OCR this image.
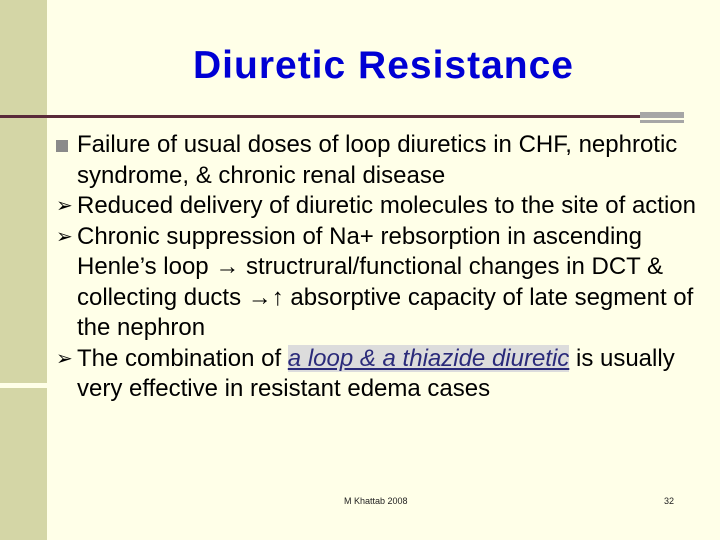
Diuretic Resistance
Failure of usual doses of loop diuretics in CHF, nephrotic syndrome, & chronic renal disease
➢ Reduced delivery of diuretic molecules to the site of action
➢ Chronic suppression of Na+ rebsorption in ascending Henle’s loop → structrural/functional changes in DCT & collecting ducts →↑ absorptive capacity of late segment of the nephron
➢ The combination of a loop & a thiazide diuretic is usually very effective in resistant edema cases
M Khattab 2008	32
